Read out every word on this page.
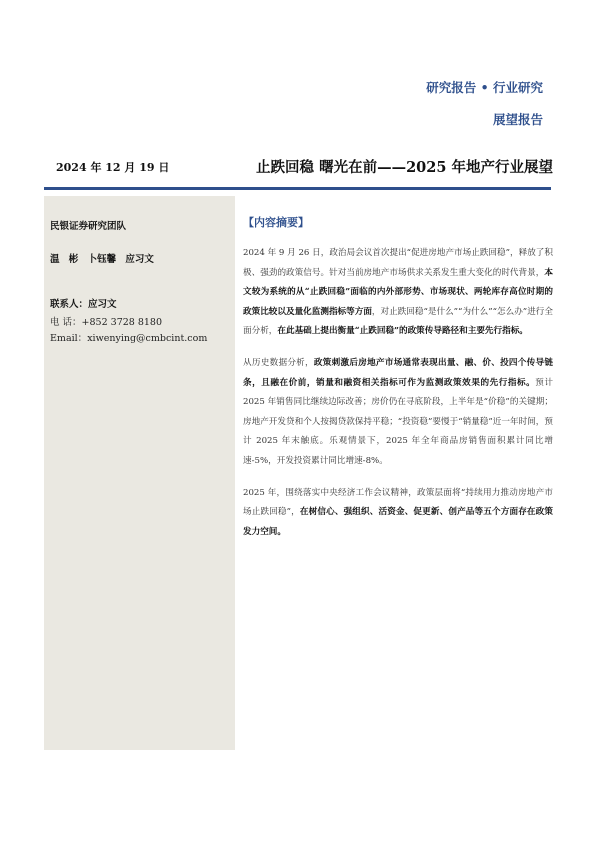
研究报告 • 行业研究
展望报告
2024 年 12 月 19 日	止跌回稳 曙光在前——2025 年地产行业展望
民银证券研究团队
温 彬 卜钰馨 应习文
联系人：应习文
电 话：+852 3728 8180
Email：xiwenying@cmbcint.com
【内容摘要】

2024 年 9 月 26 日，政治局会议首次提出“促进房地产市场止跌回稳”，释放了积极、强劲的政策信号。针对当前房地产市场供求关系发生重大变化的时代背景，本文较为系统的从“止跌回稳”面临的内外部形势、市场现状、两轮库存高位时期的政策比较以及量化监测指标等方面，对止跌回稳“是什么”“为什么”“怎么办”进行全面分析，在此基础上提出衡量“止跌回稳”的政策传导路径和主要先行指标。

从历史数据分析，政策刺激后房地产市场通常表现出量、融、价、投四个传导链条，且融在价前，销量和融资相关指标可作为监测政策效果的先行指标。预计 2025 年销售同比继续边际改善；房价仍在寻底阶段，上半年是“价稳”的关键期；房地产开发贷和个人按揭贷款保持平稳；“投资稳”要慢于“销量稳”近一年时间，预计 2025 年末触底。乐观情景下，2025 年全年商品房销售面积累计同比增速-5%，开发投资累计同比增速-8%。

2025 年，围绕落实中央经济工作会议精神，政策层面将“持续用力推动房地产市场止跌回稳”，在树信心、强组织、活资金、促更新、创产品等五个方面存在政策发力空间。
